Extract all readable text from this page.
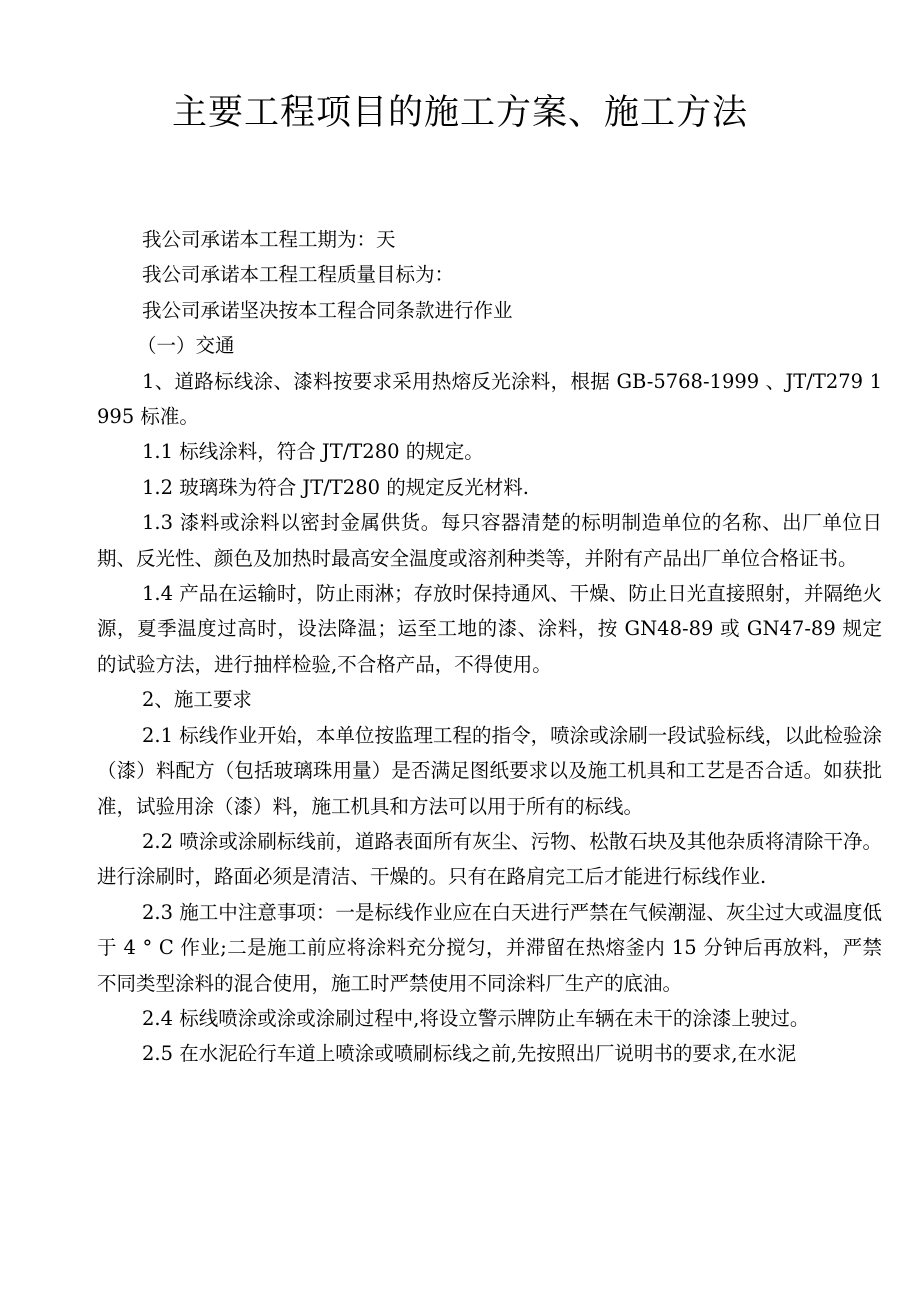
主要工程项目的施工方案、施工方法

我公司承诺本工程工期为：天

我公司承诺本工程工程质量目标为：

我公司承诺坚决按本工程合同条款进行作业

（一）交通

1、道路标线涂、漆料按要求采用热熔反光涂料，根据 GB-5768-1999 、JT/T279 1995 标准。

1.1 标线涂料，符合 JT/T280 的规定。

1.2 玻璃珠为符合 JT/T280 的规定反光材料.

1.3 漆料或涂料以密封金属供货。每只容器清楚的标明制造单位的名称、出厂单位日期、反光性、颜色及加热时最高安全温度或溶剂种类等，并附有产品出厂单位合格证书。

1.4 产品在运输时，防止雨淋；存放时保持通风、干燥、防止日光直接照射，并隔绝火源，夏季温度过高时，设法降温；运至工地的漆、涂料，按 GN48-89 或 GN47-89 规定的试验方法，进行抽样检验,不合格产品，不得使用。

2、施工要求

2.1 标线作业开始，本单位按监理工程的指令，喷涂或涂刷一段试验标线，以此检验涂（漆）料配方（包括玻璃珠用量）是否满足图纸要求以及施工机具和工艺是否合适。如获批准，试验用涂（漆）料，施工机具和方法可以用于所有的标线。

2.2 喷涂或涂刷标线前，道路表面所有灰尘、污物、松散石块及其他杂质将清除干净。进行涂刷时，路面必须是清洁、干燥的。只有在路肩完工后才能进行标线作业.

2.3 施工中注意事项：一是标线作业应在白天进行严禁在气候潮湿、灰尘过大或温度低于 4 ° C 作业;二是施工前应将涂料充分搅匀，并滞留在热熔釜内 15 分钟后再放料，严禁不同类型涂料的混合使用，施工时严禁使用不同涂料厂生产的底油。

2.4 标线喷涂或涂或涂刷过程中,将设立警示牌防止车辆在未干的涂漆上驶过。

2.5 在水泥砼行车道上喷涂或喷刷标线之前,先按照出厂说明书的要求,在水泥
